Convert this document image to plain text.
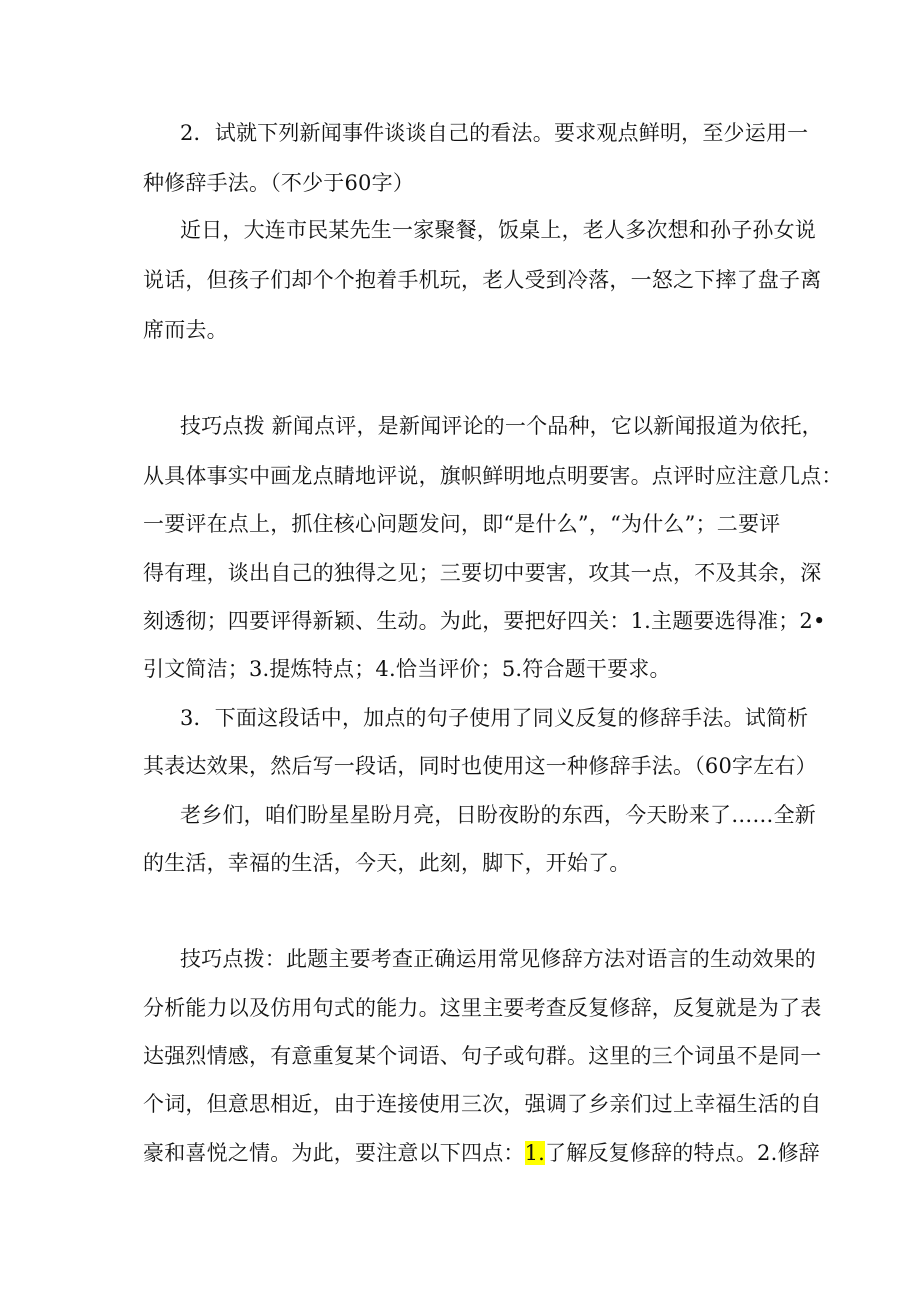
2．试就下列新闻事件谈谈自己的看法。要求观点鲜明，至少运用一
种修辞手法。（不少于60字）
近日，大连市民某先生一家聚餐，饭桌上，老人多次想和孙子孙女说
说话，但孩子们却个个抱着手机玩，老人受到冷落，一怒之下摔了盘子离
席而去。
技巧点拨 新闻点评，是新闻评论的一个品种，它以新闻报道为依托，
从具体事实中画龙点睛地评说，旗帜鲜明地点明要害。点评时应注意几点：
一要评在点上，抓住核心问题发问，即“是什么”，“为什么”；二要评
得有理，谈出自己的独得之见；三要切中要害，攻其一点，不及其余，深
刻透彻；四要评得新颖、生动。为此，要把好四关：1.主题要选得准；2•
引文简洁；3.提炼特点；4.恰当评价；5.符合题干要求。
3．下面这段话中，加点的句子使用了同义反复的修辞手法。试简析
其表达效果，然后写一段话，同时也使用这一种修辞手法。（60字左右）
老乡们，咱们盼星星盼月亮，日盼夜盼的东西，今天盼来了……全新
的生活，幸福的生活，今天，此刻，脚下，开始了。
技巧点拨：此题主要考查正确运用常见修辞方法对语言的生动效果的
分析能力以及仿用句式的能力。这里主要考查反复修辞，反复就是为了表
达强烈情感，有意重复某个词语、句子或句群。这里的三个词虽不是同一
个词，但意思相近，由于连接使用三次，强调了乡亲们过上幸福生活的自
豪和喜悦之情。为此，要注意以下四点：1.了解反复修辞的特点。2.修辞
